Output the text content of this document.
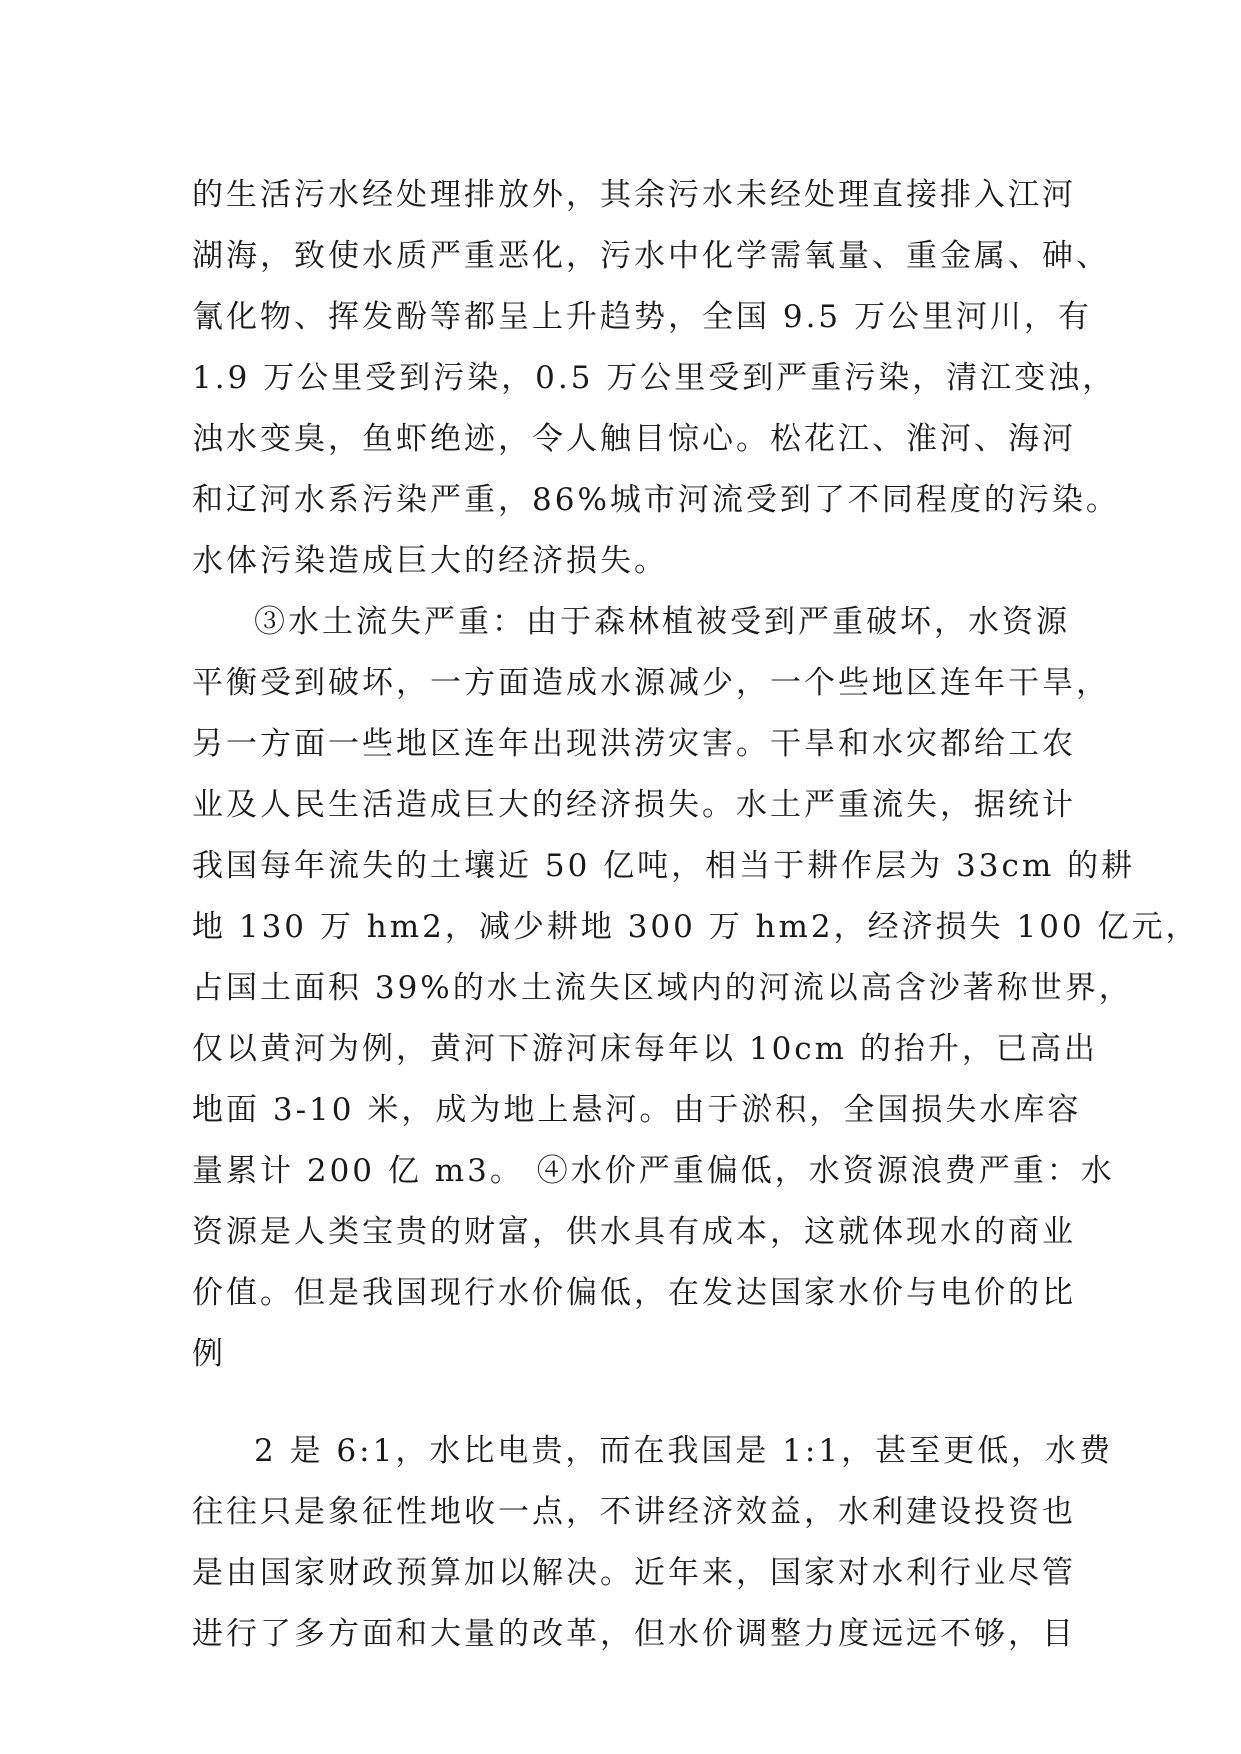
的生活污水经处理排放外，其余污水未经处理直接排入江河
湖海，致使水质严重恶化，污水中化学需氧量、重金属、砷、
氰化物、挥发酚等都呈上升趋势，全国 9.5 万公里河川，有
1.9 万公里受到污染，0.5 万公里受到严重污染，清江变浊，
浊水变臭，鱼虾绝迹，令人触目惊心。松花江、淮河、海河
和辽河水系污染严重，86%城市河流受到了不同程度的污染。
水体污染造成巨大的经济损失。
③水土流失严重：由于森林植被受到严重破坏，水资源
平衡受到破坏，一方面造成水源减少，一个些地区连年干旱，
另一方面一些地区连年出现洪涝灾害。干旱和水灾都给工农
业及人民生活造成巨大的经济损失。水土严重流失，据统计
我国每年流失的土壤近 50 亿吨，相当于耕作层为 33cm 的耕
地 130 万 hm2，减少耕地 300 万 hm2，经济损失 100 亿元，
占国土面积 39%的水土流失区域内的河流以高含沙著称世界，
仅以黄河为例，黄河下游河床每年以 10cm 的抬升，已高出
地面 3-10 米，成为地上悬河。由于淤积，全国损失水库容
量累计 200 亿 m3。 ④水价严重偏低，水资源浪费严重：水
资源是人类宝贵的财富，供水具有成本，这就体现水的商业
价值。但是我国现行水价偏低，在发达国家水价与电价的比
例
2 是 6:1，水比电贵，而在我国是 1:1，甚至更低，水费
往往只是象征性地收一点，不讲经济效益，水利建设投资也
是由国家财政预算加以解决。近年来，国家对水利行业尽管
进行了多方面和大量的改革，但水价调整力度远远不够，目
